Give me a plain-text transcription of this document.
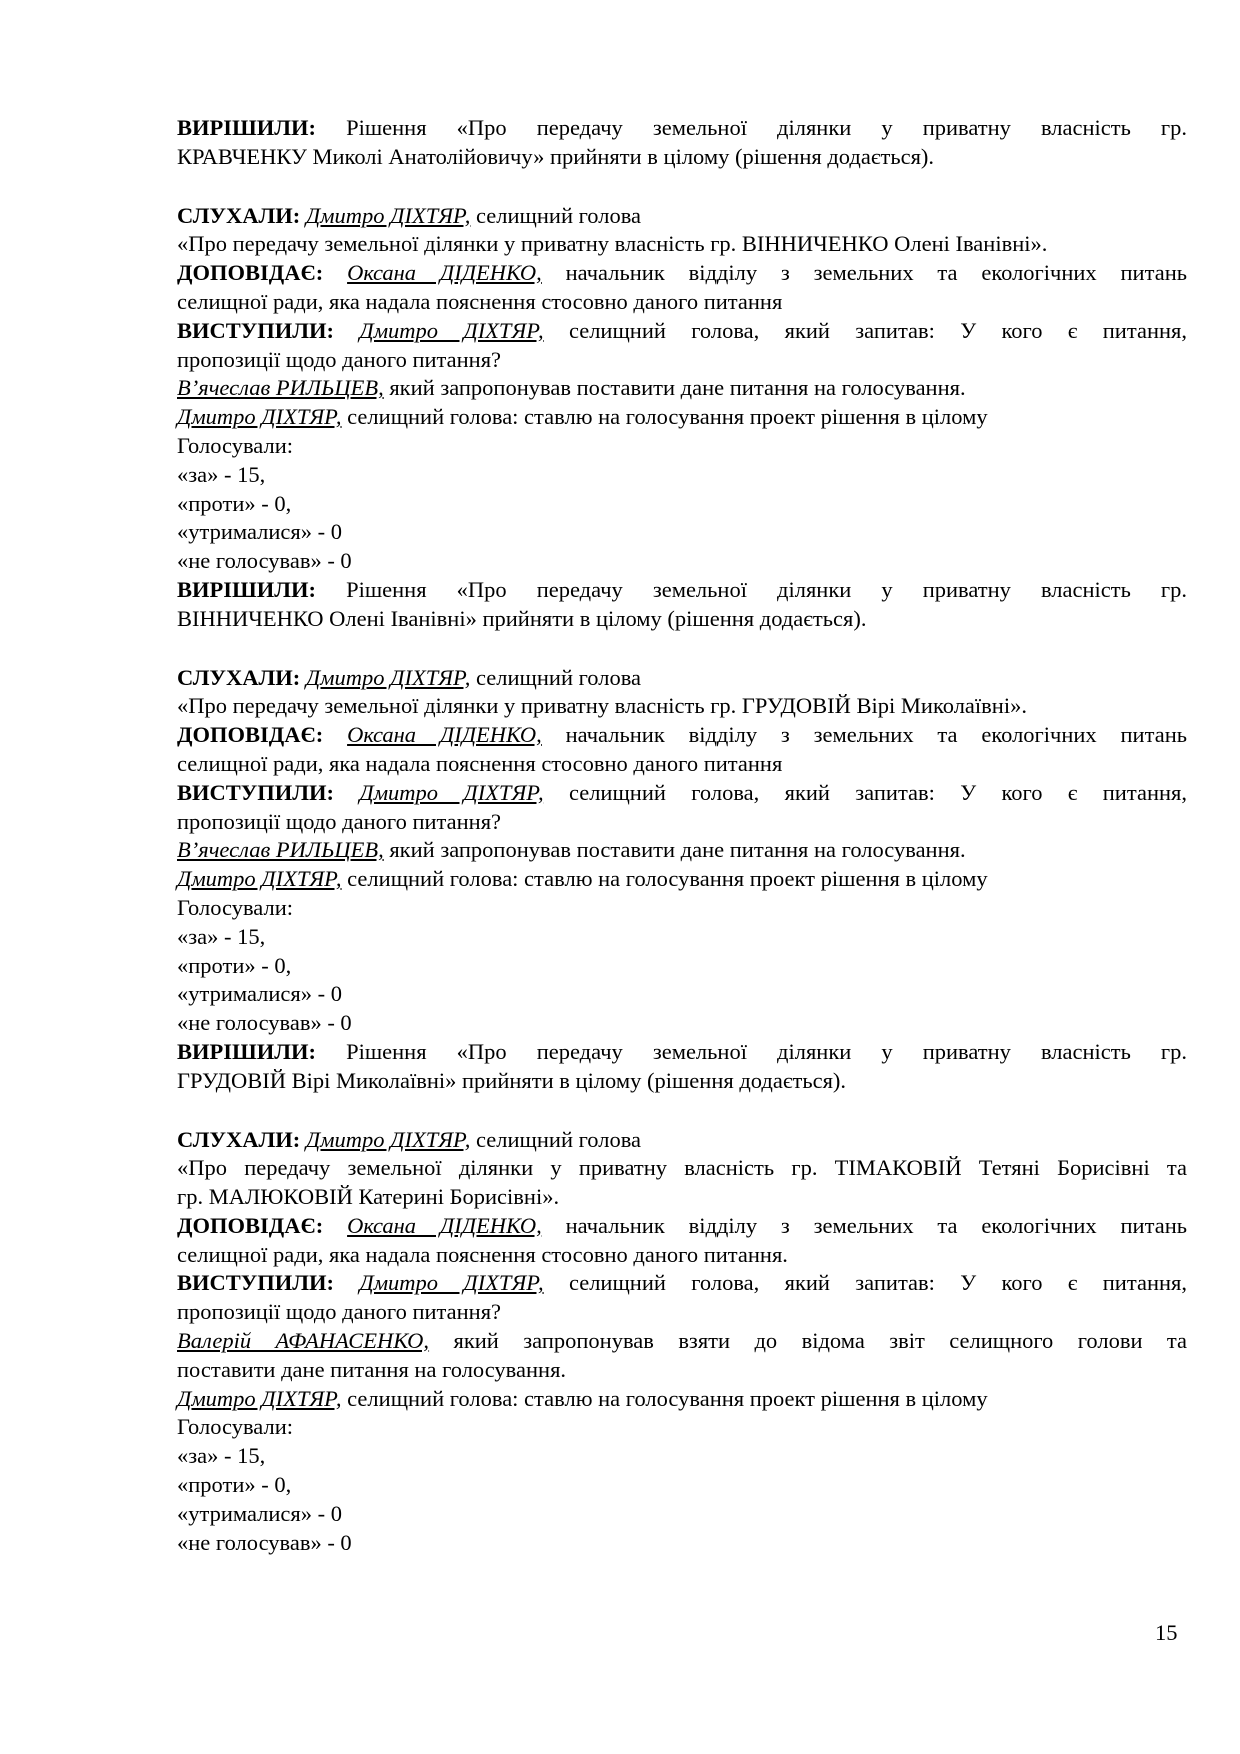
ВИРІШИЛИ: Рішення «Про передачу земельної ділянки у приватну власність гр.
КРАВЧЕНКУ Миколі Анатолійовичу» прийняти в цілому (рішення додається).
СЛУХАЛИ: Дмитро ДІХТЯР, селищний голова
«Про передачу земельної ділянки у приватну власність гр. ВІННИЧЕНКО Олені Іванівні».
ДОПОВІДАЄ: Оксана ДІДЕНКО, начальник відділу з земельних та екологічних питань
селищної ради, яка надала пояснення стосовно даного питання
ВИСТУПИЛИ: Дмитро ДІХТЯР, селищний голова, який запитав: У кого є питання,
пропозиції щодо даного питання?
В’ячеслав РИЛЬЦЕВ, який запропонував поставити дане питання на голосування.
Дмитро ДІХТЯР, селищний голова: ставлю на голосування проект рішення в цілому
Голосували:
«за» - 15,
«проти» - 0,
«утрималися» - 0
«не голосував» - 0
ВИРІШИЛИ: Рішення «Про передачу земельної ділянки у приватну власність гр.
ВІННИЧЕНКО Олені Іванівні» прийняти в цілому (рішення додається).
СЛУХАЛИ: Дмитро ДІХТЯР, селищний голова
«Про передачу земельної ділянки у приватну власність гр. ГРУДОВІЙ Вірі Миколаївні».
ДОПОВІДАЄ: Оксана ДІДЕНКО, начальник відділу з земельних та екологічних питань
селищної ради, яка надала пояснення стосовно даного питання
ВИСТУПИЛИ: Дмитро ДІХТЯР, селищний голова, який запитав: У кого є питання,
пропозиції щодо даного питання?
В’ячеслав РИЛЬЦЕВ, який запропонував поставити дане питання на голосування.
Дмитро ДІХТЯР, селищний голова: ставлю на голосування проект рішення в цілому
Голосували:
«за» - 15,
«проти» - 0,
«утрималися» - 0
«не голосував» - 0
ВИРІШИЛИ: Рішення «Про передачу земельної ділянки у приватну власність гр.
ГРУДОВІЙ Вірі Миколаївні» прийняти в цілому (рішення додається).
СЛУХАЛИ: Дмитро ДІХТЯР, селищний голова
«Про передачу земельної ділянки у приватну власність гр. ТІМАКОВІЙ Тетяні Борисівні та
гр. МАЛЮКОВІЙ Катерині Борисівні».
ДОПОВІДАЄ: Оксана ДІДЕНКО, начальник відділу з земельних та екологічних питань
селищної ради, яка надала пояснення стосовно даного питання.
ВИСТУПИЛИ: Дмитро ДІХТЯР, селищний голова, який запитав: У кого є питання,
пропозиції щодо даного питання?
Валерій АФАНАСЕНКО, який запропонував взяти до відома звіт селищного голови та
поставити дане питання на голосування.
Дмитро ДІХТЯР, селищний голова: ставлю на голосування проект рішення в цілому
Голосували:
«за» - 15,
«проти» - 0,
«утрималися» - 0
«не голосував» - 0
15
